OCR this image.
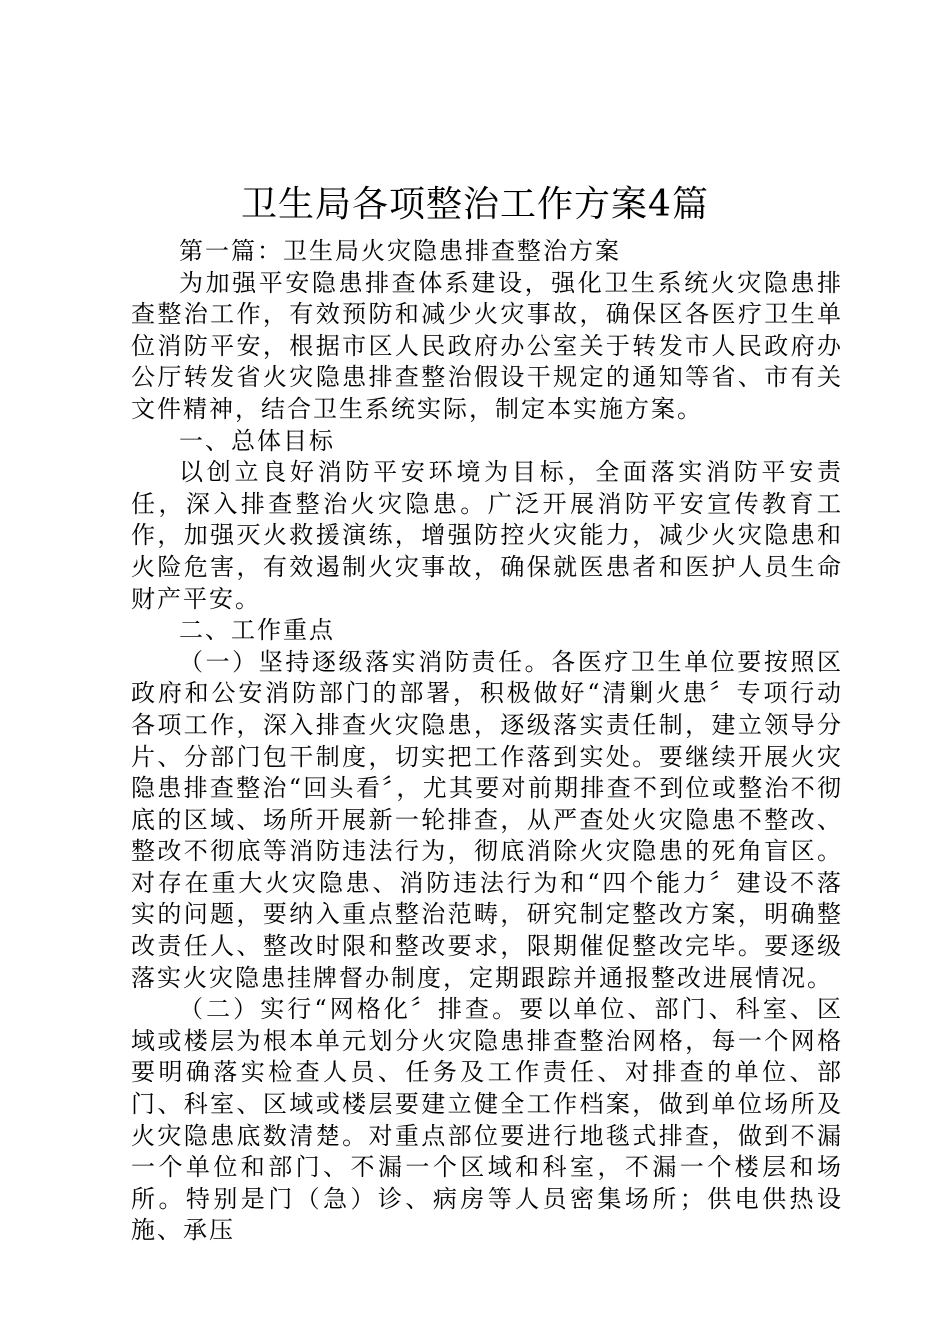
卫生局各项整治工作方案4篇

第一篇：卫生局火灾隐患排查整治方案

为加强平安隐患排查体系建设，强化卫生系统火灾隐患排查整治工作，有效预防和减少火灾事故，确保区各医疗卫生单位消防平安，根据市区人民政府办公室关于转发市人民政府办公厅转发省火灾隐患排查整治假设干规定的通知等省、市有关文件精神，结合卫生系统实际，制定本实施方案。

一、总体目标

以创立良好消防平安环境为目标，全面落实消防平安责任，深入排查整治火灾隐患。广泛开展消防平安宣传教育工作，加强灭火救援演练，增强防控火灾能力，减少火灾隐患和火险危害，有效遏制火灾事故，确保就医患者和医护人员生命财产平安。

二、工作重点

（一）坚持逐级落实消防责任。各医疗卫生单位要按照区政府和公安消防部门的部署，积极做好“清剿火患〞专项行动各项工作，深入排查火灾隐患，逐级落实责任制，建立领导分片、分部门包干制度，切实把工作落到实处。要继续开展火灾隐患排查整治“回头看〞，尤其要对前期排查不到位或整治不彻底的区域、场所开展新一轮排查，从严查处火灾隐患不整改、整改不彻底等消防违法行为，彻底消除火灾隐患的死角盲区。对存在重大火灾隐患、消防违法行为和“四个能力〞建设不落实的问题，要纳入重点整治范畴，研究制定整改方案，明确整改责任人、整改时限和整改要求，限期催促整改完毕。要逐级落实火灾隐患挂牌督办制度，定期跟踪并通报整改进展情况。

（二）实行“网格化〞排查。要以单位、部门、科室、区域或楼层为根本单元划分火灾隐患排查整治网格，每一个网格要明确落实检查人员、任务及工作责任、对排查的单位、部门、科室、区域或楼层要建立健全工作档案，做到单位场所及火灾隐患底数清楚。对重点部位要进行地毯式排查，做到不漏一个单位和部门、不漏一个区域和科室，不漏一个楼层和场所。特别是门（急）诊、病房等人员密集场所；供电供热设施、承压
